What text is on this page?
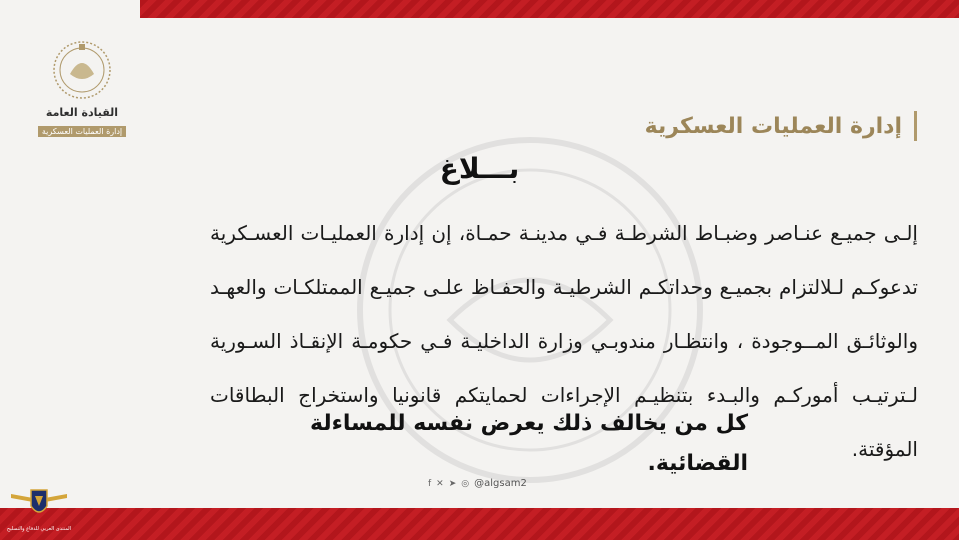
القيادة العامة
إدارة العمليات العسكرية	إدارة العمليات العسكرية
بـــلاغ
إلـى جميـع عنـاصر وضبـاط الشرطـة فـي مدينـة حمـاة، إن إدارة العمليـات العسـكرية تدعوكـم لـلالتزام بجميـع وحداتكـم الشرطيـة والحفـاظ علـى جميـع الممتلكـات والعهـد والوثائـق المــوجودة ، وانتظـار مندوبـي وزارة الداخليـة فـي حكومـة الإنقـاذ السـورية لـترتيـب أموركـم والبـدء بتنظيـم الإجراءات لحمايتكم قانونيا واستخراج البطاقات المؤقتة.
كل من يخالف ذلك يعرض نفسه للمساءلة القضائية.
f ✕ ➤ ◎ @algsam2
المنتدى العربي للدفاع والتسليح
